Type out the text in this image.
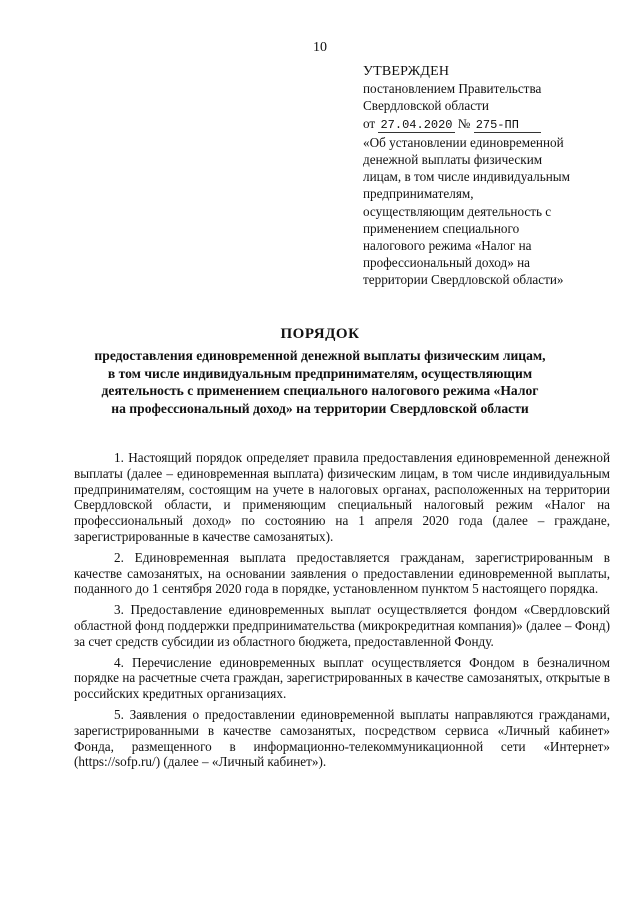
10
УТВЕРЖДЕН
постановлением Правительства
Свердловской области
от 27.04.2020 № 275-ПП
«Об установлении единовременной
денежной выплаты физическим
лицам, в том числе индивидуальным
предпринимателям,
осуществляющим деятельность с
применением специального
налогового режима «Налог на
профессиональный доход» на
территории Свердловской области»
ПОРЯДОК
предоставления единовременной денежной выплаты физическим лицам,
в том числе индивидуальным предпринимателям, осуществляющим
деятельность с применением специального налогового режима «Налог
на профессиональный доход» на территории Свердловской области

1. Настоящий порядок определяет правила предоставления единовременной денежной выплаты (далее – единовременная выплата) физическим лицам, в том числе индивидуальным предпринимателям, состоящим на учете в налоговых органах, расположенных на территории Свердловской области, и применяющим специальный налоговый режим «Налог на профессиональный доход» по состоянию на 1 апреля 2020 года (далее – граждане, зарегистрированные в качестве самозанятых).

2. Единовременная выплата предоставляется гражданам, зарегистрированным в качестве самозанятых, на основании заявления о предоставлении единовременной выплаты, поданного до 1 сентября 2020 года в порядке, установленном пунктом 5 настоящего порядка.

3. Предоставление единовременных выплат осуществляется фондом «Свердловский областной фонд поддержки предпринимательства (микрокредитная компания)» (далее – Фонд) за счет средств субсидии из областного бюджета, предоставленной Фонду.

4. Перечисление единовременных выплат осуществляется Фондом в безналичном порядке на расчетные счета граждан, зарегистрированных в качестве самозанятых, открытые в российских кредитных организациях.

5. Заявления о предоставлении единовременной выплаты направляются гражданами, зарегистрированными в качестве самозанятых, посредством сервиса «Личный кабинет» Фонда, размещенного в информационно-телекоммуникационной сети «Интернет» (https://sofp.ru/) (далее – «Личный кабинет»).
